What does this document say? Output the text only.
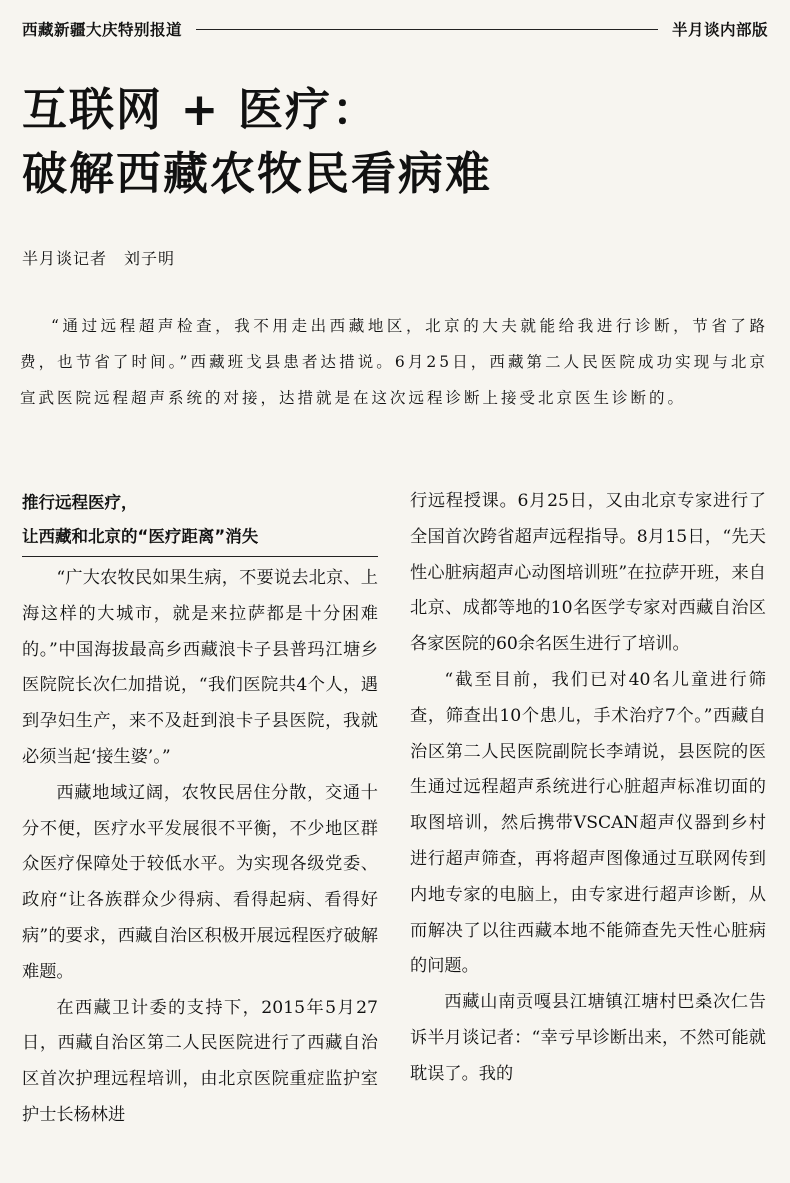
西藏新疆大庆特别报道	半月谈内部版
互联网 + 医疗：
破解西藏农牧民看病难
半月谈记者　刘子明

“通过远程超声检查，我不用走出西藏地区，北京的大夫就能给我进行诊断，节省了路费，也节省了时间。”西藏班戈县患者达措说。6月25日，西藏第二人民医院成功实现与北京宣武医院远程超声系统的对接，达措就是在这次远程诊断上接受北京医生诊断的。

推行远程医疗，
让西藏和北京的“医疗距离”消失

“广大农牧民如果生病，不要说去北京、上海这样的大城市，就是来拉萨都是十分困难的。”中国海拔最高乡西藏浪卡子县普玛江塘乡医院院长次仁加措说，“我们医院共4个人，遇到孕妇生产，来不及赶到浪卡子县医院，我就必须当起‘接生婆’。”

西藏地域辽阔，农牧民居住分散，交通十分不便，医疗水平发展很不平衡，不少地区群众医疗保障处于较低水平。为实现各级党委、政府“让各族群众少得病、看得起病、看得好病”的要求，西藏自治区积极开展远程医疗破解难题。

在西藏卫计委的支持下，2015年5月27日，西藏自治区第二人民医院进行了西藏自治区首次护理远程培训，由北京医院重症监护室护士长杨林进

行远程授课。6月25日，又由北京专家进行了全国首次跨省超声远程指导。8月15日，“先天性心脏病超声心动图培训班”在拉萨开班，来自北京、成都等地的10名医学专家对西藏自治区各家医院的60余名医生进行了培训。

“截至目前，我们已对40名儿童进行筛查，筛查出10个患儿，手术治疗7个。”西藏自治区第二人民医院副院长李靖说，县医院的医生通过远程超声系统进行心脏超声标准切面的取图培训，然后携带VSCAN超声仪器到乡村进行超声筛查，再将超声图像通过互联网传到内地专家的电脑上，由专家进行超声诊断，从而解决了以往西藏本地不能筛查先天性心脏病的问题。

西藏山南贡嘎县江塘镇江塘村巴桑次仁告诉半月谈记者：“幸亏早诊断出来，不然可能就耽误了。我的
